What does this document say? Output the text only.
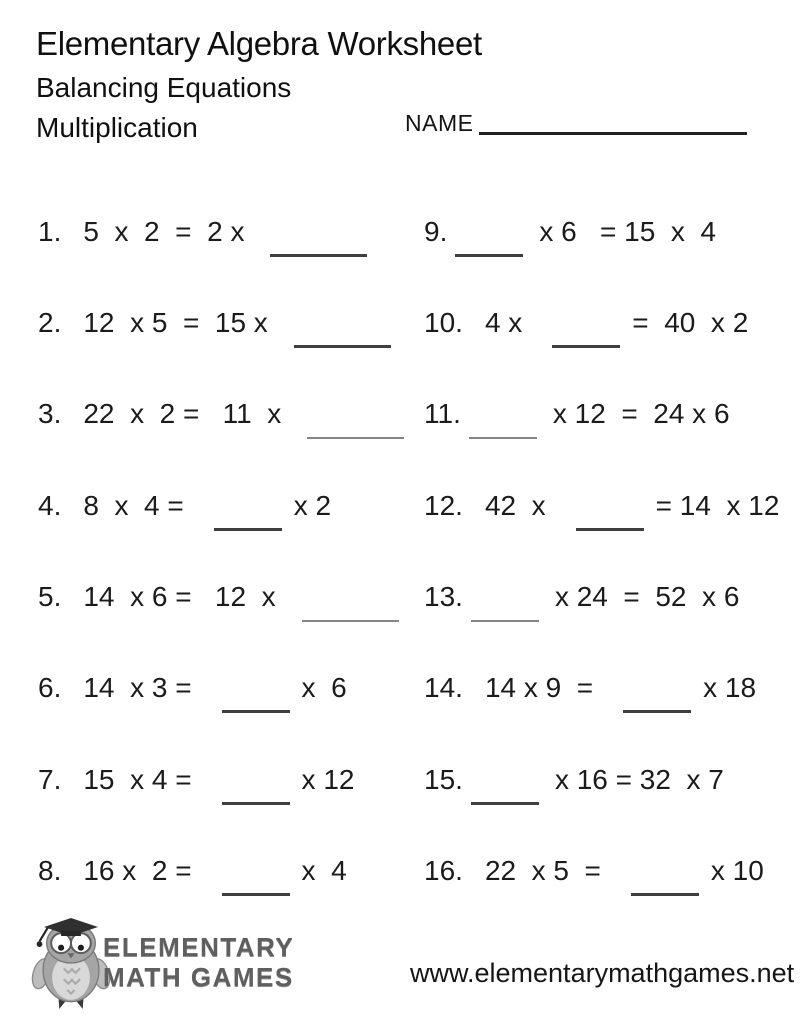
Elementary Algebra Worksheet
Balancing Equations
Multiplication	NAME
1. 5  x  2  =  2 x
2. 12  x 5  =  15 x
3. 22  x  2 =   11  x
4. 8  x  4 =	x 2
5. 14  x 6 =   12  x
6. 14  x 3 =	x  6
7. 15  x 4 =	x 12
8. 16 x  2 =	x  4
9.	x 6   = 15  x  4
10. 4 x	=  40  x 2
11.	x 12  =  24 x 6
12. 42  x	= 14  x 12
13.	x 24  =  52  x 6
14. 14 x 9  =	x 18
15.	x 16 = 32  x 7
16. 22  x 5  =	x 10
ELEMENTARY
MATH GAMES	www.elementarymathgames.net
